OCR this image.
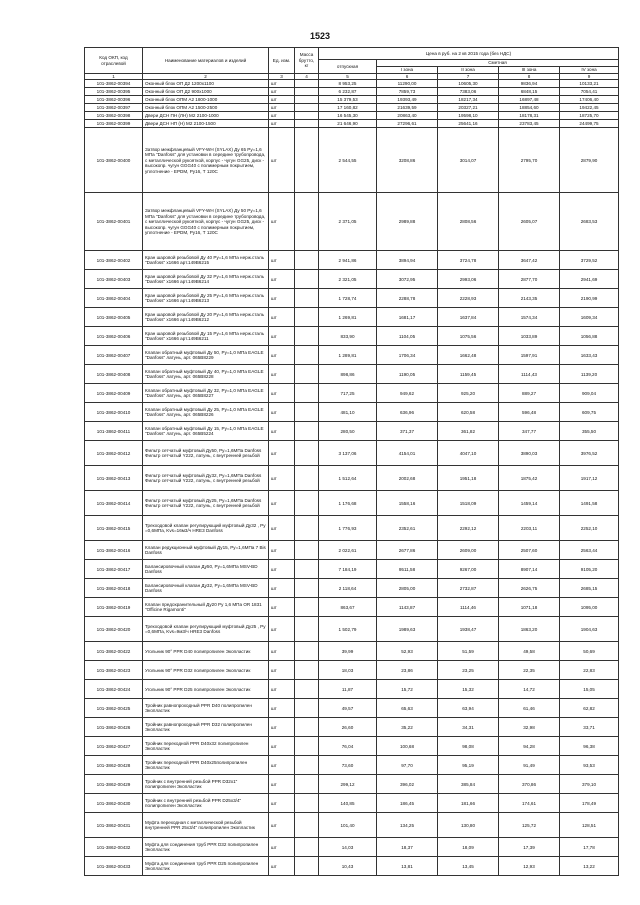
1523
Код ОКП, код отраслевой	Наименование материалов и изделий	Ед. изм.	Масса брутто, кг	Цена в руб. на 2 кв 2015 года (без НДС)				
				отпускная	Сметная			
					I зона	II зона	III зона	IV зона
1	2	3	4	5	6	7	8	9
101-3862-00394	Оконный блок ОП Д2 1200х1100	шт		8 953,25	11290,00	10605,30	9836,94	10133,21
101-3862-00395	Оконный блок ОП Д2 900х1000	шт		6 232,87	7859,73	7383,06	6848,15	7054,41
101-3862-00396	Оконный блок ОПМ А2 1800-1000	шт		15 379,53	19393,49	18217,34	16897,48	17406,40
101-3862-00397	Оконный блок ОПМ А2 1500-2500	шт		17 160,82	21639,59	20327,21	18854,60	19422,45
101-3862-00398	Двери ДСН ПН (ЛН) М2 2100-1000	шт		16 545,30	20863,40	19598,10	18178,31	18725,70
101-3862-00399	Двери ДСН НП (Н) М2 2100-1500	шт		21 646,90	27296,61	25641,16	23783,45	24499,75
101-3862-00400	Затвор межфланцевый VFY-WH (SYLAX) Ду 65 Ру=1,6 МПа "Danfoss" для установки в середине трубопровода, с металлической рукояткой, корпус - чугун GG25, диск - высокопр. чугун GGG40 с полимерным покрытием, уплотнение - EPDM, Ру16, Т 120С	шт		2 544,55	3208,86	3014,07	2795,70	2879,90
101-3862-00401	Затвор межфланцевый VFY-WH (SYLAX) Ду 50 Ру=1,6 МПа "Danfoss" для установки в середине трубопровода, с металлической рукояткой, корпус - чугун GG25, диск - высокопр. чугун GGG40 с полимерным покрытием, уплотнение - EPDM, Ру16, Т 120С	шт		2 371,05	2989,88	2808,56	2605,07	2683,53
101-3862-00402	Кран шаровой резьбовой Ду 40 Ру=1,6 МПа нерж.сталь "Danfoss" х1666 арт.149В6215	шт		2 941,86	3894,94	3724,78	3647,42	3729,52
101-3862-00403	Кран шаровой резьбовой Ду 32 Ру=1,6 МПа нерж.сталь "Danfoss" х1666 арт.149В6214	шт		2 321,05	3072,95	2993,06	2877,70	2941,69
101-3862-00404	Кран шаровой резьбовой Ду 25 Ру=1,6 МПа нерж.сталь "Danfoss" х1666 арт.149В6213	шт		1 728,74	2288,78	2228,93	2143,35	2190,99
101-3862-00405	Кран шаровой резьбовой Ду 20 Ру=1,6 МПа нерж.сталь "Danfoss" х1666 арт.149В6212	шт		1 269,81	1681,17	1637,84	1574,34	1609,34
101-3862-00406	Кран шаровой резьбовой Ду 15 Ру=1,6 МПа нерж.сталь "Danfoss" х1666 арт.149В6211	шт		833,90	1104,05	1075,56	1033,89	1056,88
101-3862-00407	Клапан обратный муфтовый Ду 50, Ру=1,0 МПа EAGLE "Danfoss" латунь, арт. 065В8229	шт		1 289,81	1706,34	1662,48	1597,91	1633,43
101-3862-00408	Клапан обратный муфтовый Ду 40, Ру=1,0 МПа EAGLE "Danfoss" латунь, арт. 065В8228	шт		898,86	1190,05	1159,45	1114,43	1139,20
101-3862-00409	Клапан обратный муфтовый Ду 32, Ру=1,0 МПа EAGLE "Danfoss" латунь, арт. 065В8227	шт		717,25	949,62	925,20	889,27	909,04
101-3862-00410	Клапан обратный муфтовый Ду 25, Ру=1,0 МПа EAGLE "Danfoss" латунь, арт. 065В8226	шт		481,10	636,96	620,58	596,48	609,75
101-3862-00411	Клапан обратный муфтовый Ду 15, Ру=1,0 МПа EAGLE "Danfoss" латунь, арт. 065В5224	шт		280,50	371,37	361,82	347,77	355,50
101-3862-00412	Фильтр сетчатый муфтовый Ду50, Ру=1,6МПа Danfoss Фильтр сетчатый Y222, латунь, с внутренней резьбой	шт		3 137,06	4154,01	4047,10	3890,03	3976,52
101-3862-00413	Фильтр сетчатый муфтовый Ду32, Ру=1,6МПа Danfoss Фильтр сетчатый Y222, латунь, с внутренней резьбой	шт		1 512,64	2002,68	1951,18	1875,42	1917,12
101-3862-00414	Фильтр сетчатый муфтовый Ду25, Ру=1,6МПа Danfoss Фильтр сетчатый Y222, латунь, с внутренней резьбой	шт		1 176,68	1558,16	1518,09	1459,14	1491,58
101-3862-00415	Трехходовой клапан регулирующий муфтовый Ду32 , Ру =0,6МПа, Kvs=16м3/ч HRE3 Danfoss	шт		1 776,93	2352,61	2292,12	2203,11	2252,10
101-3862-00416	Клапан редукционный муфтовый Ду15, Ру=1,6МПа 7 Bis Danfoss	шт		2 022,61	2677,86	2609,00	2507,60	2563,44
101-3862-00417	Балансировочный клапан Ду50, Ру=1,6МПа MSV-BD Danfoss	шт		7 184,19	9511,58	9267,00	8907,14	9105,20
101-3862-00418	Балансировочный клапан Ду32, Ру=1,6МПа MSV-BD Danfoss	шт		2 118,64	2805,00	2732,87	2626,75	2685,15
101-3862-00419	Клапан предохранительный Ду20 Ру 1,6 МПа OR 1831 "Officine Rigamonti"	шт		863,67	1143,87	1114,46	1071,18	1095,00
101-3862-00420	Трехходовой клапан регулирующий муфтовый Ду25 , Ру =0,6МПа, Kvs=9м3/ч HRE3 Danfoss	шт		1 502,79	1989,63	1938,47	1863,20	1904,63
101-3862-00422	Угольник 90° PPR D40 полипропилен Экопластик	шт		39,99	52,93	51,59	49,58	50,69
101-3862-00423	Угольник 90° PPR D32 полипропилен Экопластик	шт		18,03	23,86	23,25	22,35	22,83
101-3862-00424	Угольник 90° PPR D25 полипропилен Экопластик	шт		11,87	15,72	15,32	14,72	15,05
101-3862-00425	Тройник равнопроходный PPR D40 полипропилен Экопластик	шт		49,57	65,63	63,94	61,46	62,82
101-3862-00426	Тройник равнопроходный PPR D32 полипропилен Экопластик	шт		26,60	35,22	34,31	32,98	33,71
101-3862-00427	Тройник переходной PPR D40х32 полипропилен Экопластик	шт		76,04	100,68	98,08	94,28	96,38
101-3862-00428	Тройник переходной PPR D40х25полипропилен Экопластик	шт		73,60	97,70	95,19	91,49	93,53
101-3862-00429	Тройник с внутренней резьбой PPR D32х1" полипропилен Экопластик	шт		299,12	396,02	385,84	370,86	379,10
101-3862-00430	Тройник с внутренней резьбой PPR D25х3/4" полипропилен Экопластик	шт		140,85	186,45	181,66	174,61	178,49
101-3862-00431	Муфта переходная с металлической резьбой внутренней PPR 25х3/4" полипропилен Экопластик	шт		101,40	134,25	130,80	125,72	128,51
101-3862-00432	Муфта для соединения труб PPR D32 полипропилен Экопластик	шт		14,03	18,37	18,09	17,39	17,78
101-3862-00433	Муфта для соединения труб PPR D25 полипропилен Экопластик	шт		10,43	13,81	13,45	12,93	13,22
